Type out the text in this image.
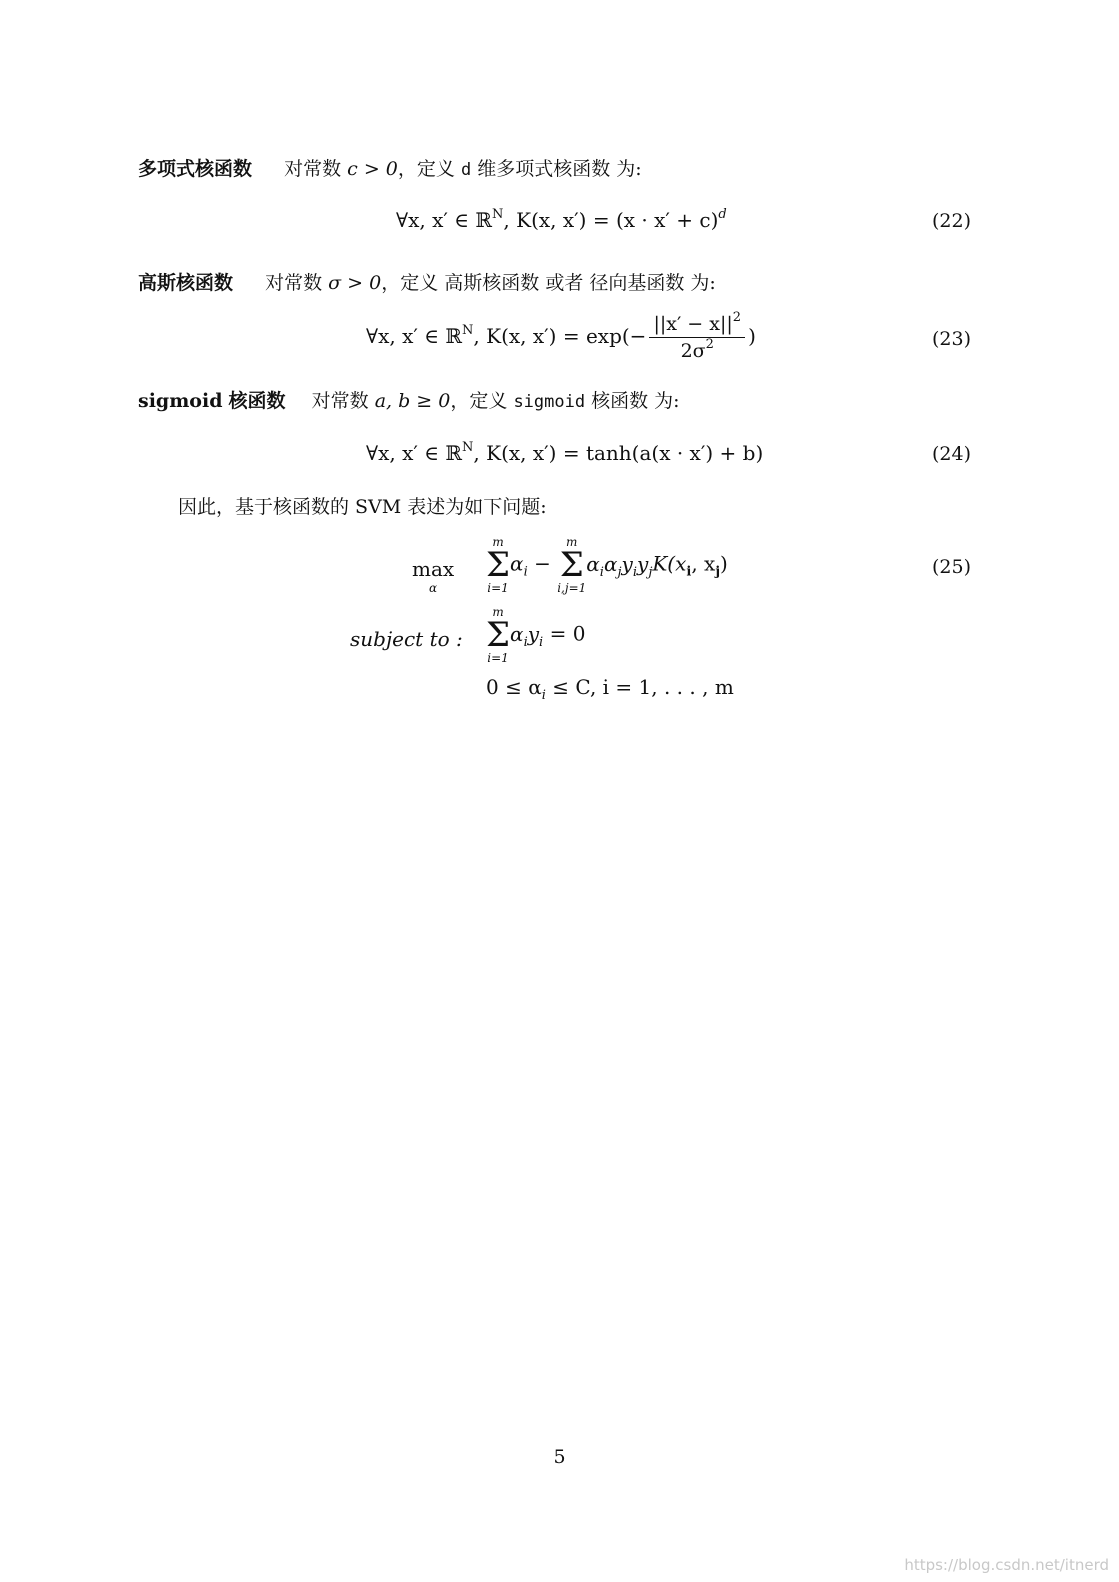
多项式核函数 对常数 c > 0，定义 d 维多项式核函数 为:
∀x, x′ ∈ ℝ$^N$, K(x, $x') = (x \cdot x' + c)^d$	(22)
高斯核函数 对常数 σ > 0，定义 高斯核函数 或者 径向基函数 为:
∀x, x′ ∈ ℝ$^N$, K(x, $x') = \exp(- \frac{||x' - x||^2}{2\sigma^2}$ )	(23)
sigmoid 核函数 对常数 a, b ≥ 0，定义 sigmoid 核函数 为:
∀x, x′ ∈ ℝ$^N$, K(x, x′) = tanh(a(x · x′) + b)	(24)
因此，基于核函数的 SVM 表述为如下问题:
max
α
m
Σ
i=1
$\alpha_i$ −
m
Σ
i,j=1
$\alpha_i\alpha_jy_iy_jK(x_i$, $x_j$)	(25)
subject to :
m
Σ
i=1
$\alpha_iy_i = 0$
$0 \le \alpha_i \le C$, i = 1, . . . , m
5
https://blog.csdn.net/itnerd
